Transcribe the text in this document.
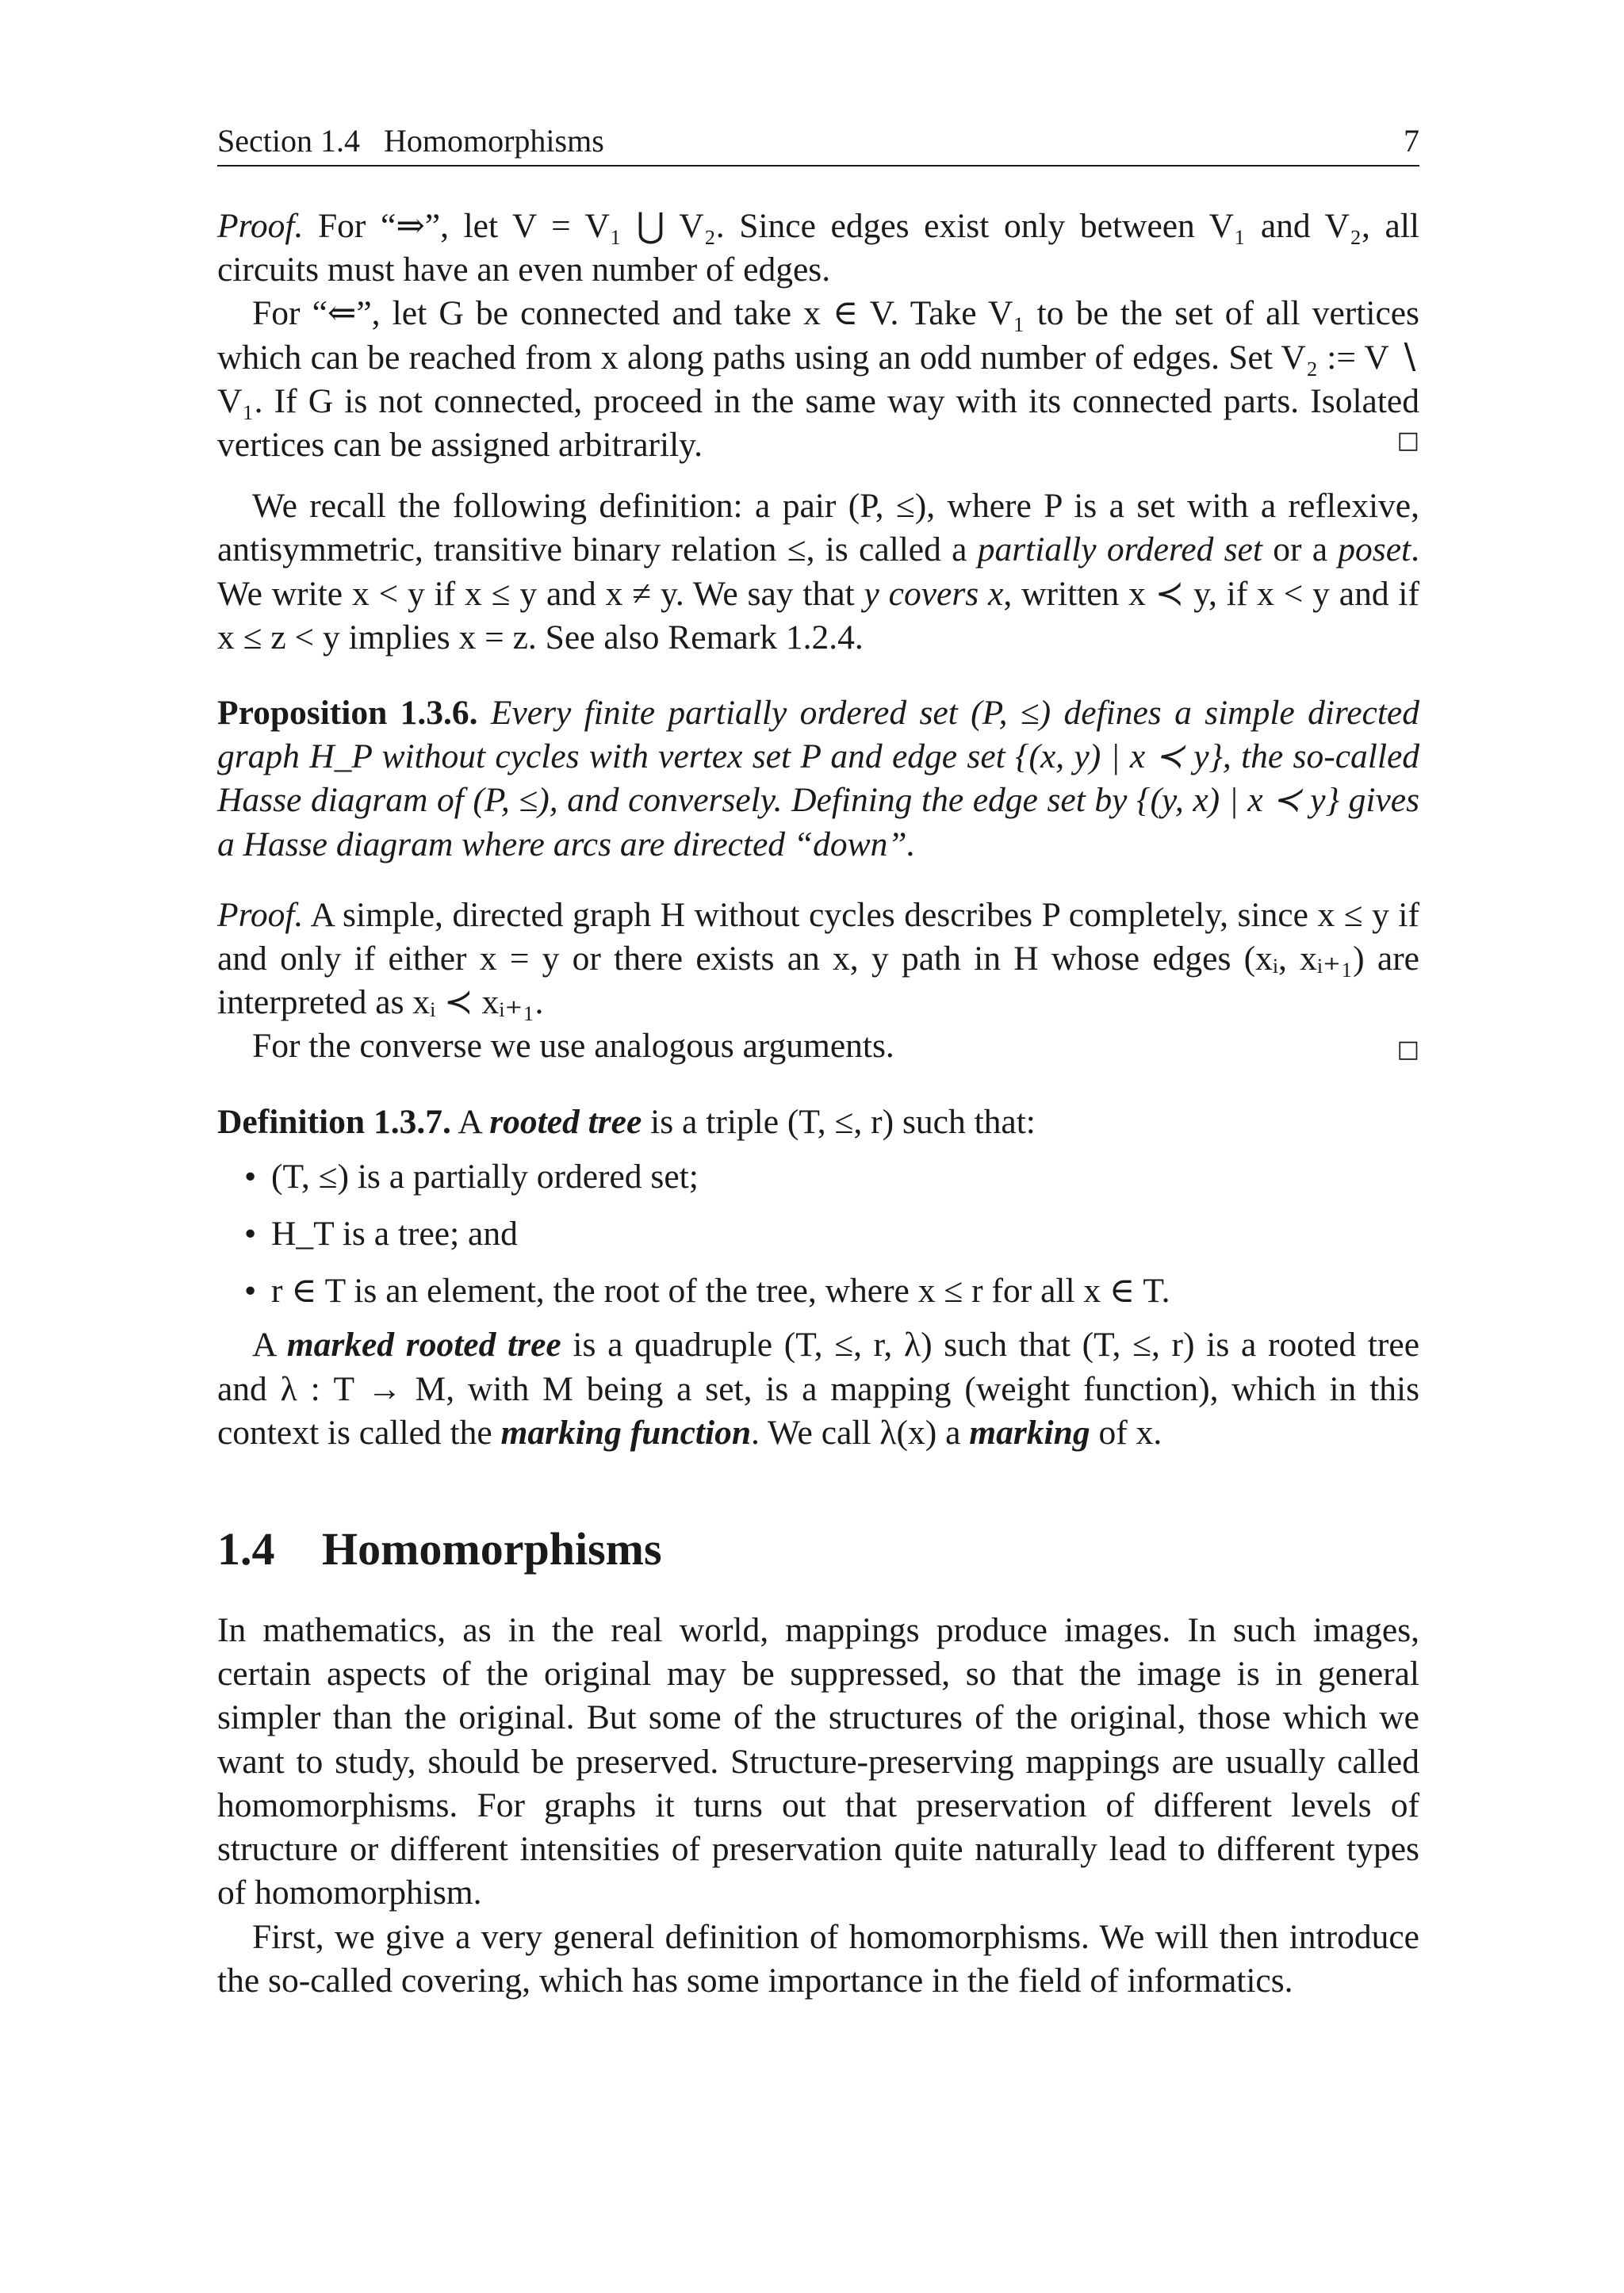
Section 1.4   Homomorphisms	7

Proof. For “⇒”, let V = V₁ ⋃ V₂. Since edges exist only between V₁ and V₂, all circuits must have an even number of edges.

For “⇐”, let G be connected and take x ∈ V. Take V₁ to be the set of all vertices which can be reached from x along paths using an odd number of edges. Set V₂ := V ∖ V₁. If G is not connected, proceed in the same way with its connected parts. Isolated vertices can be assigned arbitrarily.	□

We recall the following definition: a pair (P, ≤), where P is a set with a reflexive, antisymmetric, transitive binary relation ≤, is called a partially ordered set or a poset. We write x < y if x ≤ y and x ≠ y. We say that y covers x, written x ≺ y, if x < y and if x ≤ z < y implies x = z. See also Remark 1.2.4.

Proposition 1.3.6. Every finite partially ordered set (P, ≤) defines a simple directed graph H_P without cycles with vertex set P and edge set {(x, y) | x ≺ y}, the so-called Hasse diagram of (P, ≤), and conversely. Defining the edge set by {(y, x) | x ≺ y} gives a Hasse diagram where arcs are directed “down”.

Proof. A simple, directed graph H without cycles describes P completely, since x ≤ y if and only if either x = y or there exists an x, y path in H whose edges (xᵢ, xᵢ₊₁) are interpreted as xᵢ ≺ xᵢ₊₁.

For the converse we use analogous arguments.	□

Definition 1.3.7. A rooted tree is a triple (T, ≤, r) such that:

• (T, ≤) is a partially ordered set;
• H_T is a tree; and
• r ∈ T is an element, the root of the tree, where x ≤ r for all x ∈ T.

A marked rooted tree is a quadruple (T, ≤, r, λ) such that (T, ≤, r) is a rooted tree and λ : T → M, with M being a set, is a mapping (weight function), which in this context is called the marking function. We call λ(x) a marking of x.

1.4 Homomorphisms

In mathematics, as in the real world, mappings produce images. In such images, certain aspects of the original may be suppressed, so that the image is in general simpler than the original. But some of the structures of the original, those which we want to study, should be preserved. Structure-preserving mappings are usually called homomorphisms. For graphs it turns out that preservation of different levels of structure or different intensities of preservation quite naturally lead to different types of homomorphism.

First, we give a very general definition of homomorphisms. We will then introduce the so-called covering, which has some importance in the field of informatics.
